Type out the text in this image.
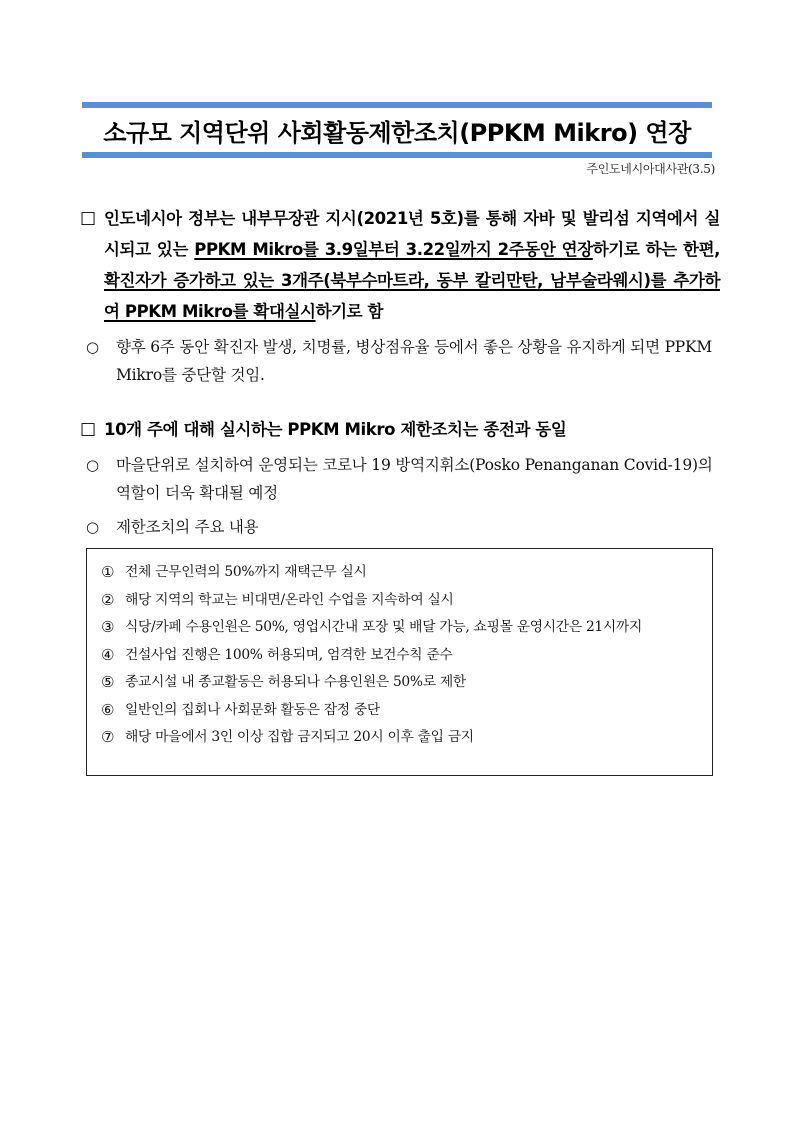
소규모 지역단위 사회활동제한조치(PPKM Mikro) 연장
주인도네시아대사관(3.5)
□ 인도네시아 정부는 내부무장관 지시(2021년 5호)를 통해 자바 및 발리섬 지역에서 실시되고 있는 PPKM Mikro를 3.9일부터 3.22일까지 2주동안 연장하기로 하는 한편, 확진자가 증가하고 있는 3개주(북부수마트라, 동부 칼리만탄, 남부술라웨시)를 추가하여 PPKM Mikro를 확대실시하기로 함
○	향후 6주 동안 확진자 발생, 치명률, 병상점유율 등에서 좋은 상황을 유지하게 되면 PPKM Mikro를 중단할 것임.
□ 10개 주에 대해 실시하는 PPKM Mikro 제한조치는 종전과 동일
○	마을단위로 설치하여 운영되는 코로나 19 방역지휘소(Posko Penanganan Covid-19)의 역할이 더욱 확대될 예정
○	제한조치의 주요 내용
① 전체 근무인력의 50%까지 재택근무 실시
② 해당 지역의 학교는 비대면/온라인 수업을 지속하여 실시
③ 식당/카페 수용인원은 50%, 영업시간내 포장 및 배달 가능, 쇼핑몰 운영시간은 21시까지
④ 건설사업 진행은 100% 허용되며, 엄격한 보건수칙 준수
⑤ 종교시설 내 종교활동은 허용되나 수용인원은 50%로 제한
⑥ 일반인의 집회나 사회문화 활동은 잠정 중단
⑦ 해당 마을에서 3인 이상 집합 금지되고 20시 이후 출입 금지
